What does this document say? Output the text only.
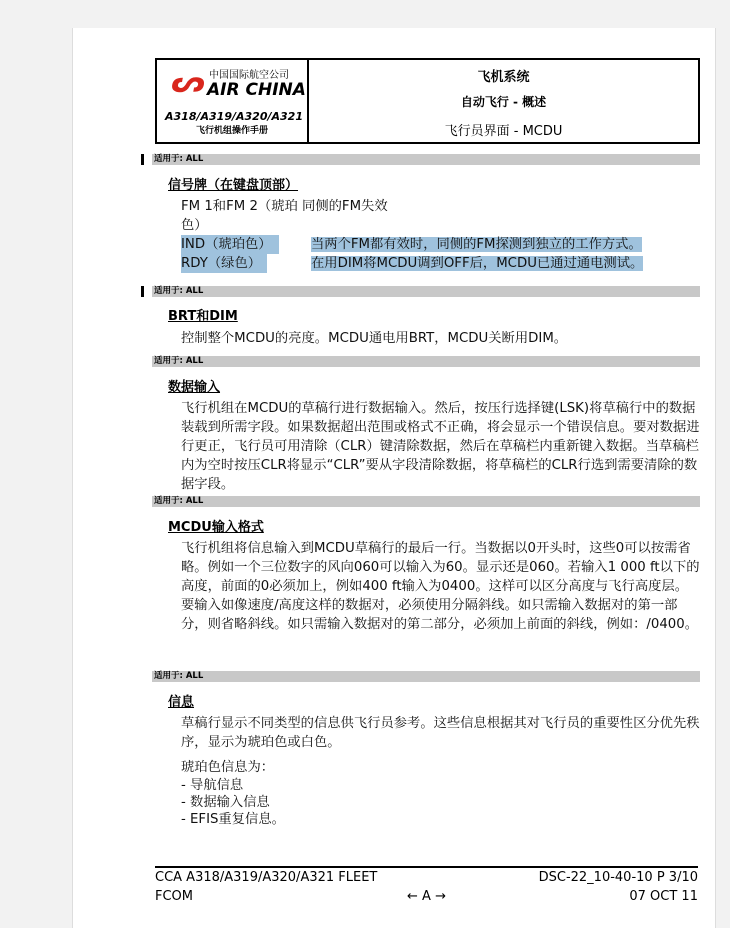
ᔕ 中国国际航空公司
AIR CHINA
A318/A319/A320/A321
飞行机组操作手册
飞机系统
自动飞行 - 概述
飞行员界面 - MCDU
适用于: ALL
信号牌（在键盘顶部）
FM 1和FM 2（琥珀 同侧的FM失效
色）
IND（琥珀色）	当两个FM都有效时，同侧的FM探测到独立的工作方式。
RDY（绿色）	在用DIM将MCDU调到OFF后，MCDU已通过通电测试。
适用于: ALL
BRT和DIM
控制整个MCDU的亮度。MCDU通电用BRT，MCDU关断用DIM。
适用于: ALL
数据输入
飞行机组在MCDU的草稿行进行数据输入。然后，按压行选择键(LSK)将草稿行中的数据装载到所需字段。如果数据超出范围或格式不正确，将会显示一个错误信息。要对数据进行更正，飞行员可用清除（CLR）键清除数据，然后在草稿栏内重新键入数据。当草稿栏内为空时按压CLR将显示“CLR”要从字段清除数据，将草稿栏的CLR行选到需要清除的数据字段。
适用于: ALL
MCDU输入格式
飞行机组将信息输入到MCDU草稿行的最后一行。当数据以0开头时，这些0可以按需省略。例如一个三位数字的风向060可以输入为60。显示还是060。若输入1 000 ft以下的高度，前面的0必须加上，例如400 ft输入为0400。这样可以区分高度与飞行高度层。
要输入如像速度/高度这样的数据对，必须使用分隔斜线。如只需输入数据对的第一部分，则省略斜线。如只需输入数据对的第二部分，必须加上前面的斜线，例如：/0400。
适用于: ALL
信息
草稿行显示不同类型的信息供飞行员参考。这些信息根据其对飞行员的重要性区分优先秩序，显示为琥珀色或白色。
琥珀色信息为：
- 导航信息
- 数据输入信息
- EFIS重复信息。
CCA A318/A319/A320/A321 FLEET	DSC-22_10-40-10 P 3/10
FCOM	← A →	07 OCT 11
